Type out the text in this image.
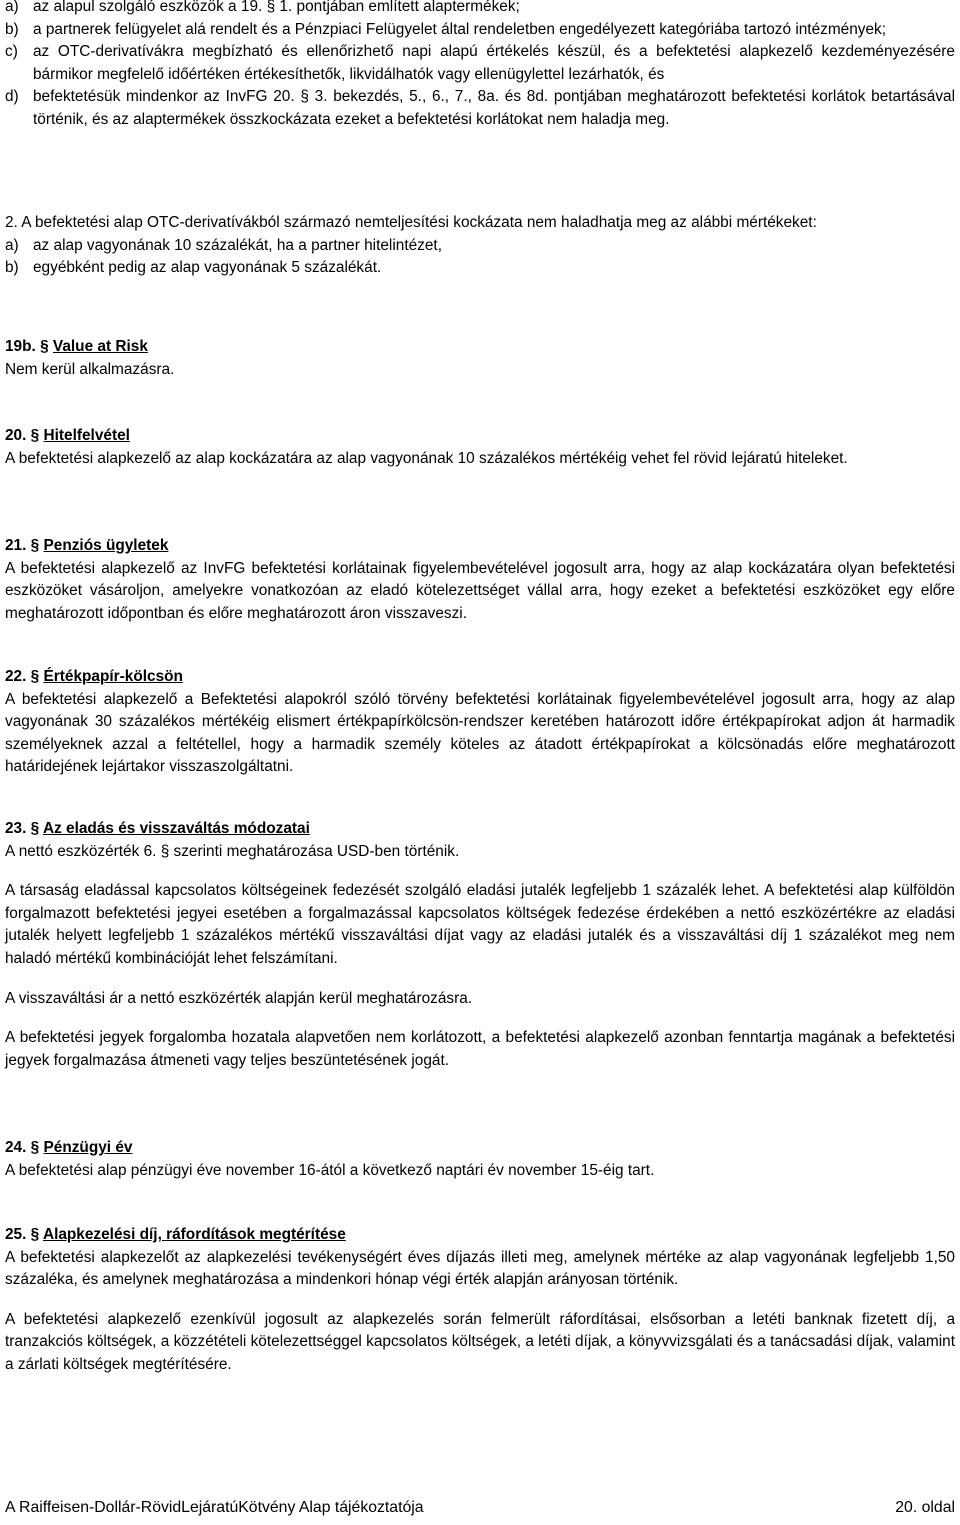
a) az alapul szolgáló eszközök a 19. § 1. pontjában említett alaptermékek;
b) a partnerek felügyelet alá rendelt és a Pénzpiaci Felügyelet által rendeletben engedélyezett kategóriába tartozó intézmények;
c) az OTC-derivatívákra megbízható és ellenőrizhető napi alapú értékelés készül, és a befektetési alapkezelő kezdeményezésére bármikor megfelelő időértéken értékesíthetők, likvidálhatók vagy ellenügylettel lezárhatók, és
d) befektetésük mindenkor az InvFG 20. § 3. bekezdés, 5., 6., 7., 8a. és 8d. pontjában meghatározott befektetési korlátok betartásával történik, és az alaptermékek összkockázata ezeket a befektetési korlátokat nem haladja meg.

2. A befektetési alap OTC-derivatívákból származó nemteljesítési kockázata nem haladhatja meg az alábbi mértékeket:

a) az alap vagyonának 10 százalékát, ha a partner hitelintézet,
b) egyébként pedig az alap vagyonának 5 százalékát.

19b. § Value at Risk

Nem kerül alkalmazásra.

20. § Hitelfelvétel

A befektetési alapkezelő az alap kockázatára az alap vagyonának 10 százalékos mértékéig vehet fel rövid lejáratú hiteleket.

21. § Penziós ügyletek

A befektetési alapkezelő az InvFG befektetési korlátainak figyelembevételével jogosult arra, hogy az alap kockázatára olyan befektetési eszközöket vásároljon, amelyekre vonatkozóan az eladó kötelezettséget vállal arra, hogy ezeket a befektetési eszközöket egy előre meghatározott időpontban és előre meghatározott áron visszaveszi.

22. § Értékpapír-kölcsön

A befektetési alapkezelő a Befektetési alapokról szóló törvény befektetési korlátainak figyelembevételével jogosult arra, hogy az alap vagyonának 30 százalékos mértékéig elismert értékpapírkölcsön-rendszer keretében határozott időre értékpapírokat adjon át harmadik személyeknek azzal a feltétellel, hogy a harmadik személy köteles az átadott értékpapírokat a kölcsönadás előre meghatározott határidejének lejártakor visszaszolgáltatni.

23. § Az eladás és visszaváltás módozatai

A nettó eszközérték 6. § szerinti meghatározása USD-ben történik.

A társaság eladással kapcsolatos költségeinek fedezését szolgáló eladási jutalék legfeljebb 1 százalék lehet. A befektetési alap külföldön forgalmazott befektetési jegyei esetében a forgalmazással kapcsolatos költségek fedezése érdekében a nettó eszközértékre az eladási jutalék helyett legfeljebb 1 százalékos mértékű visszaváltási díjat vagy az eladási jutalék és a visszaváltási díj 1 százalékot meg nem haladó mértékű kombinációját lehet felszámítani.

A visszaváltási ár a nettó eszközérték alapján kerül meghatározásra.

A befektetési jegyek forgalomba hozatala alapvetően nem korlátozott, a befektetési alapkezelő azonban fenntartja magának a befektetési jegyek forgalmazása átmeneti vagy teljes beszüntetésének jogát.

24. § Pénzügyi év

A befektetési alap pénzügyi éve november 16-ától a következő naptári év november 15-éig tart.

25. § Alapkezelési díj, ráfordítások megtérítése

A befektetési alapkezelőt az alapkezelési tevékenységért éves díjazás illeti meg, amelynek mértéke az alap vagyonának legfeljebb 1,50 százaléka, és amelynek meghatározása a mindenkori hónap végi érték alapján arányosan történik.

A befektetési alapkezelő ezenkívül jogosult az alapkezelés során felmerült ráfordításai, elsősorban a letéti banknak fizetett díj, a tranzakciós költségek, a közzétételi kötelezettséggel kapcsolatos költségek, a letéti díjak, a könyvvizsgálati és a tanácsadási díjak, valamint a zárlati költségek megtérítésére.

A Raiffeisen-Dollár-RövidLejáratúKötvény Alap tájékoztatója	20. oldal
